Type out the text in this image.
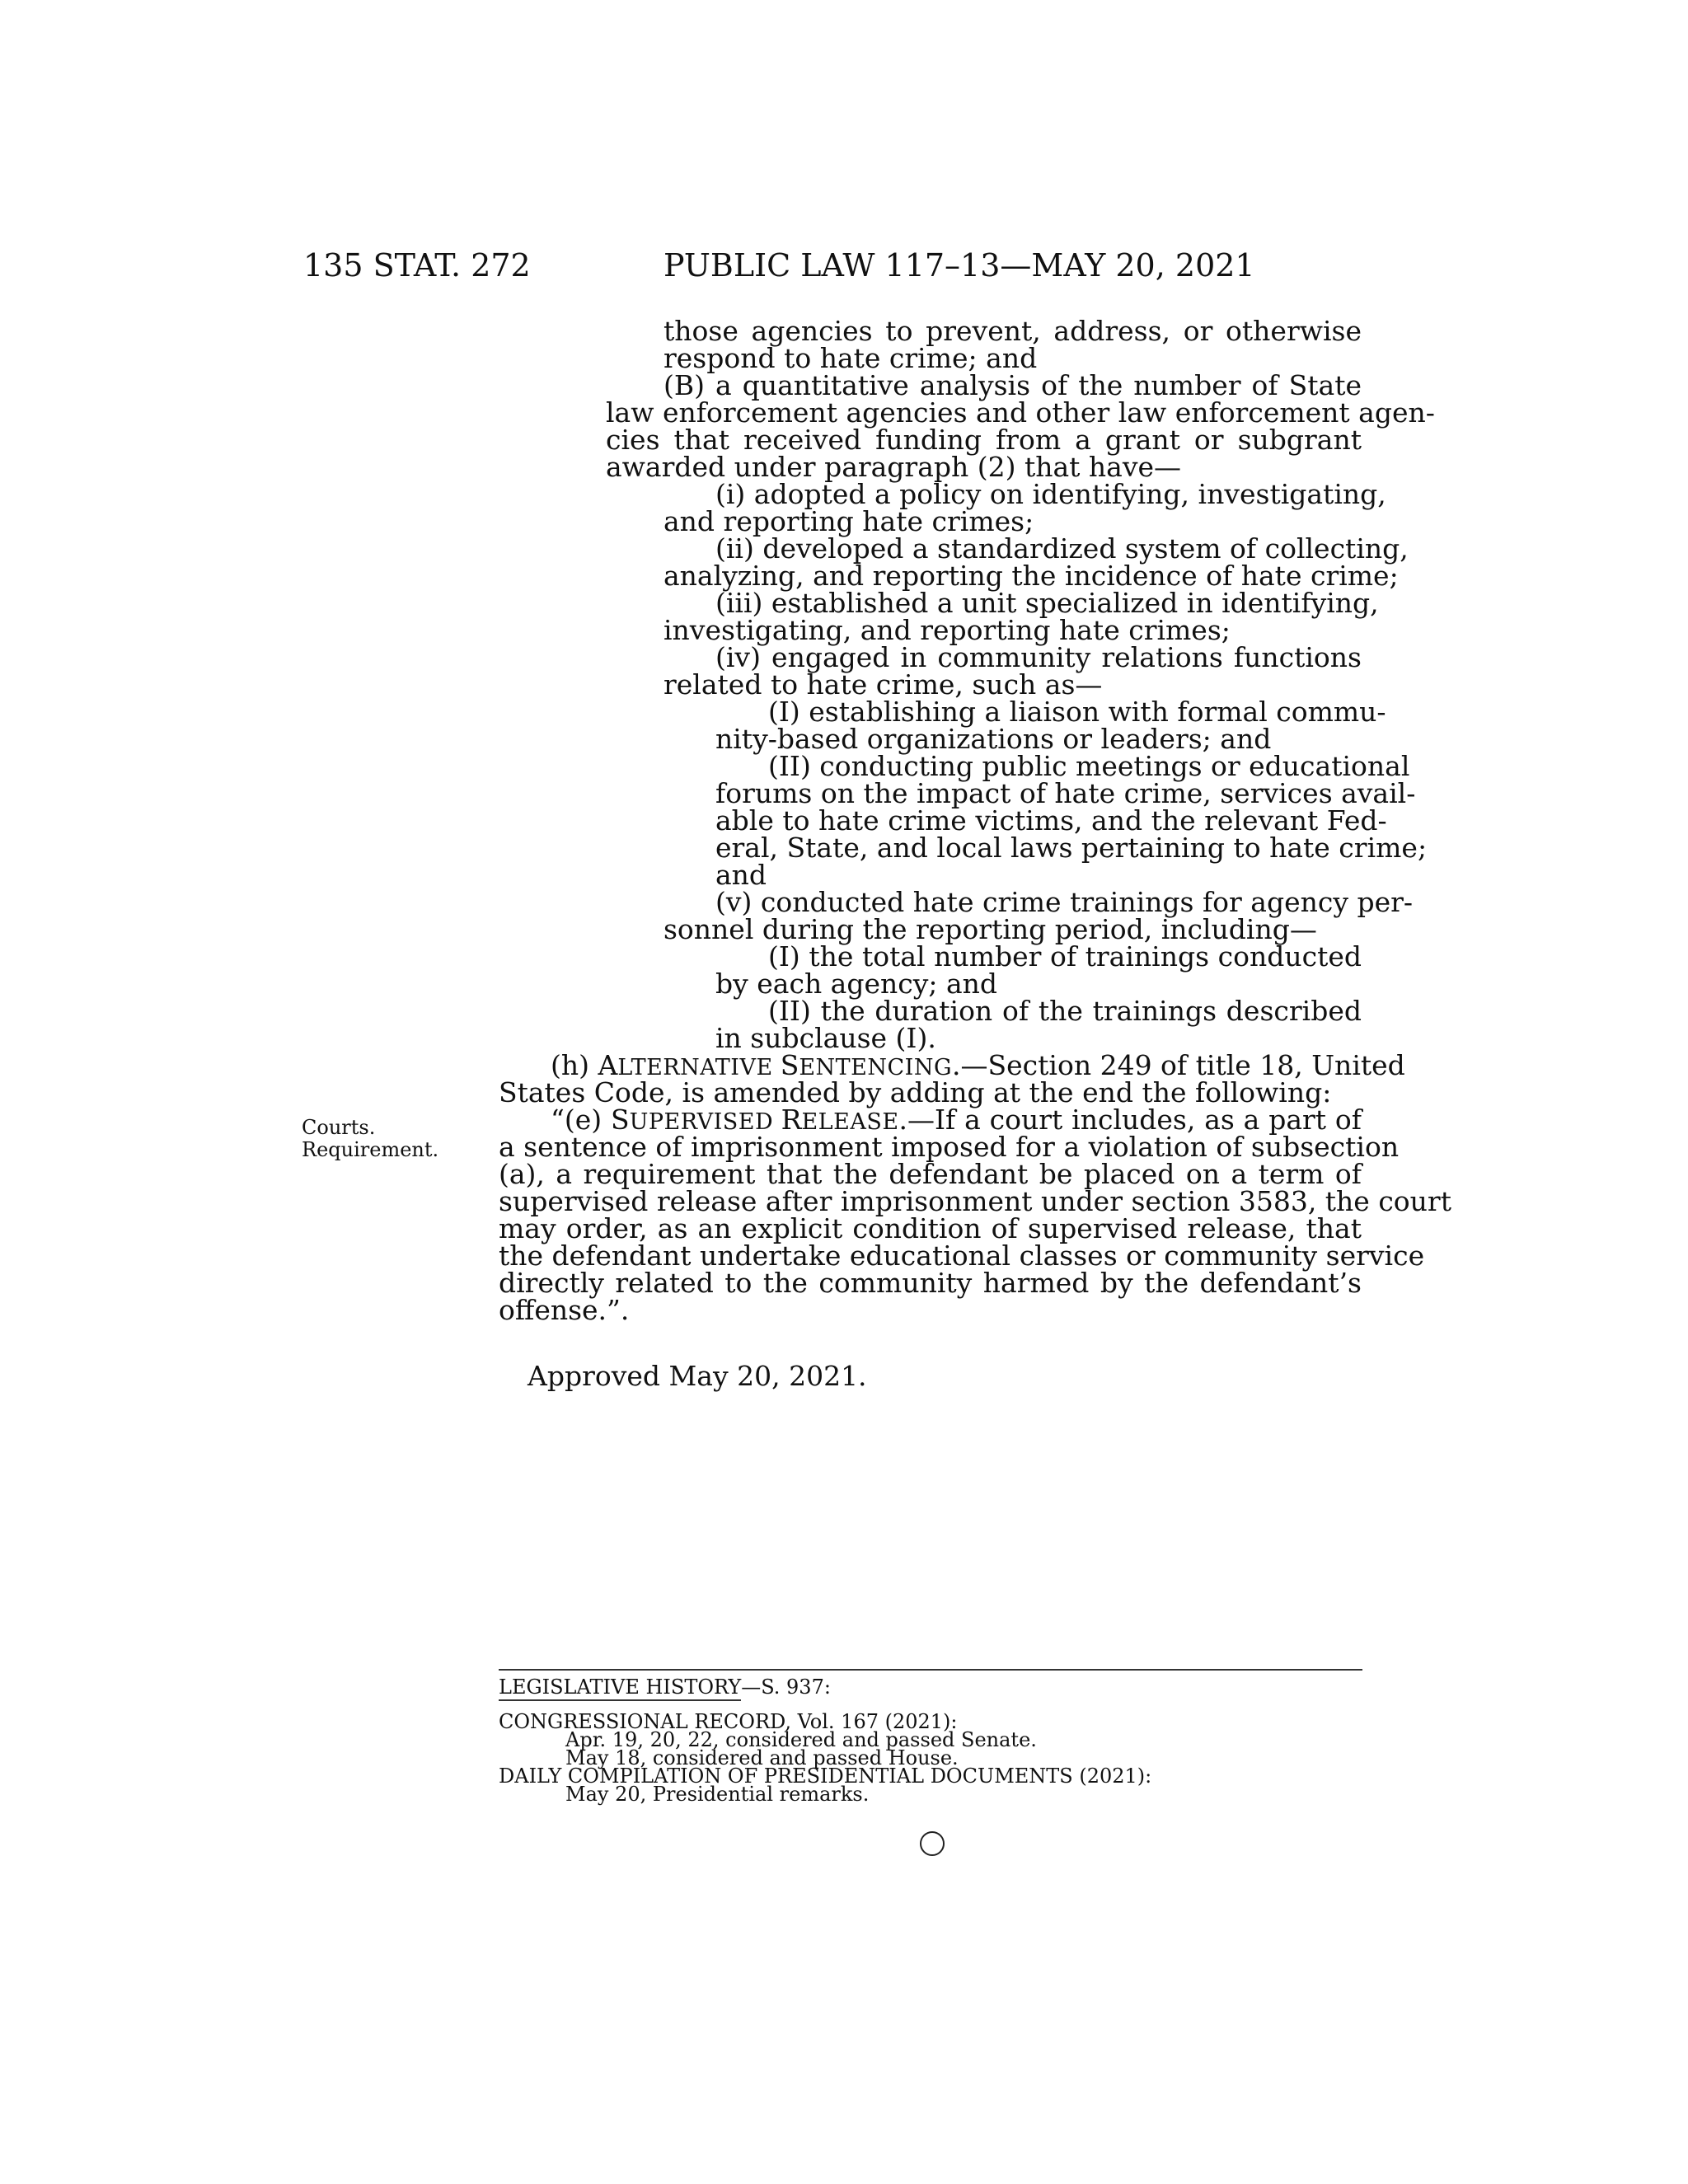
135 STAT. 272	PUBLIC LAW 117–13—MAY 20, 2021
those agencies to prevent, address, or otherwise
respond to hate crime; and
(B) a quantitative analysis of the number of State
law enforcement agencies and other law enforcement agen-
cies that received funding from a grant or subgrant
awarded under paragraph (2) that have—
(i) adopted a policy on identifying, investigating,
and reporting hate crimes;
(ii) developed a standardized system of collecting,
analyzing, and reporting the incidence of hate crime;
(iii) established a unit specialized in identifying,
investigating, and reporting hate crimes;
(iv) engaged in community relations functions
related to hate crime, such as—
(I) establishing a liaison with formal commu-
nity-based organizations or leaders; and
(II) conducting public meetings or educational
forums on the impact of hate crime, services avail-
able to hate crime victims, and the relevant Fed-
eral, State, and local laws pertaining to hate crime;
and
(v) conducted hate crime trainings for agency per-
sonnel during the reporting period, including—
(I) the total number of trainings conducted
by each agency; and
(II) the duration of the trainings described
in subclause (I).
(h) ALTERNATIVE SENTENCING.—Section 249 of title 18, United
States Code, is amended by adding at the end the following:
Courts.
Requirement.
“(e) SUPERVISED RELEASE.—If a court includes, as a part of
a sentence of imprisonment imposed for a violation of subsection
(a), a requirement that the defendant be placed on a term of
supervised release after imprisonment under section 3583, the court
may order, as an explicit condition of supervised release, that
the defendant undertake educational classes or community service
directly related to the community harmed by the defendant’s
offense.”.
Approved May 20, 2021.
LEGISLATIVE HISTORY—S. 937:
CONGRESSIONAL RECORD, Vol. 167 (2021):
Apr. 19, 20, 22, considered and passed Senate.
May 18, considered and passed House.
DAILY COMPILATION OF PRESIDENTIAL DOCUMENTS (2021):
May 20, Presidential remarks.
